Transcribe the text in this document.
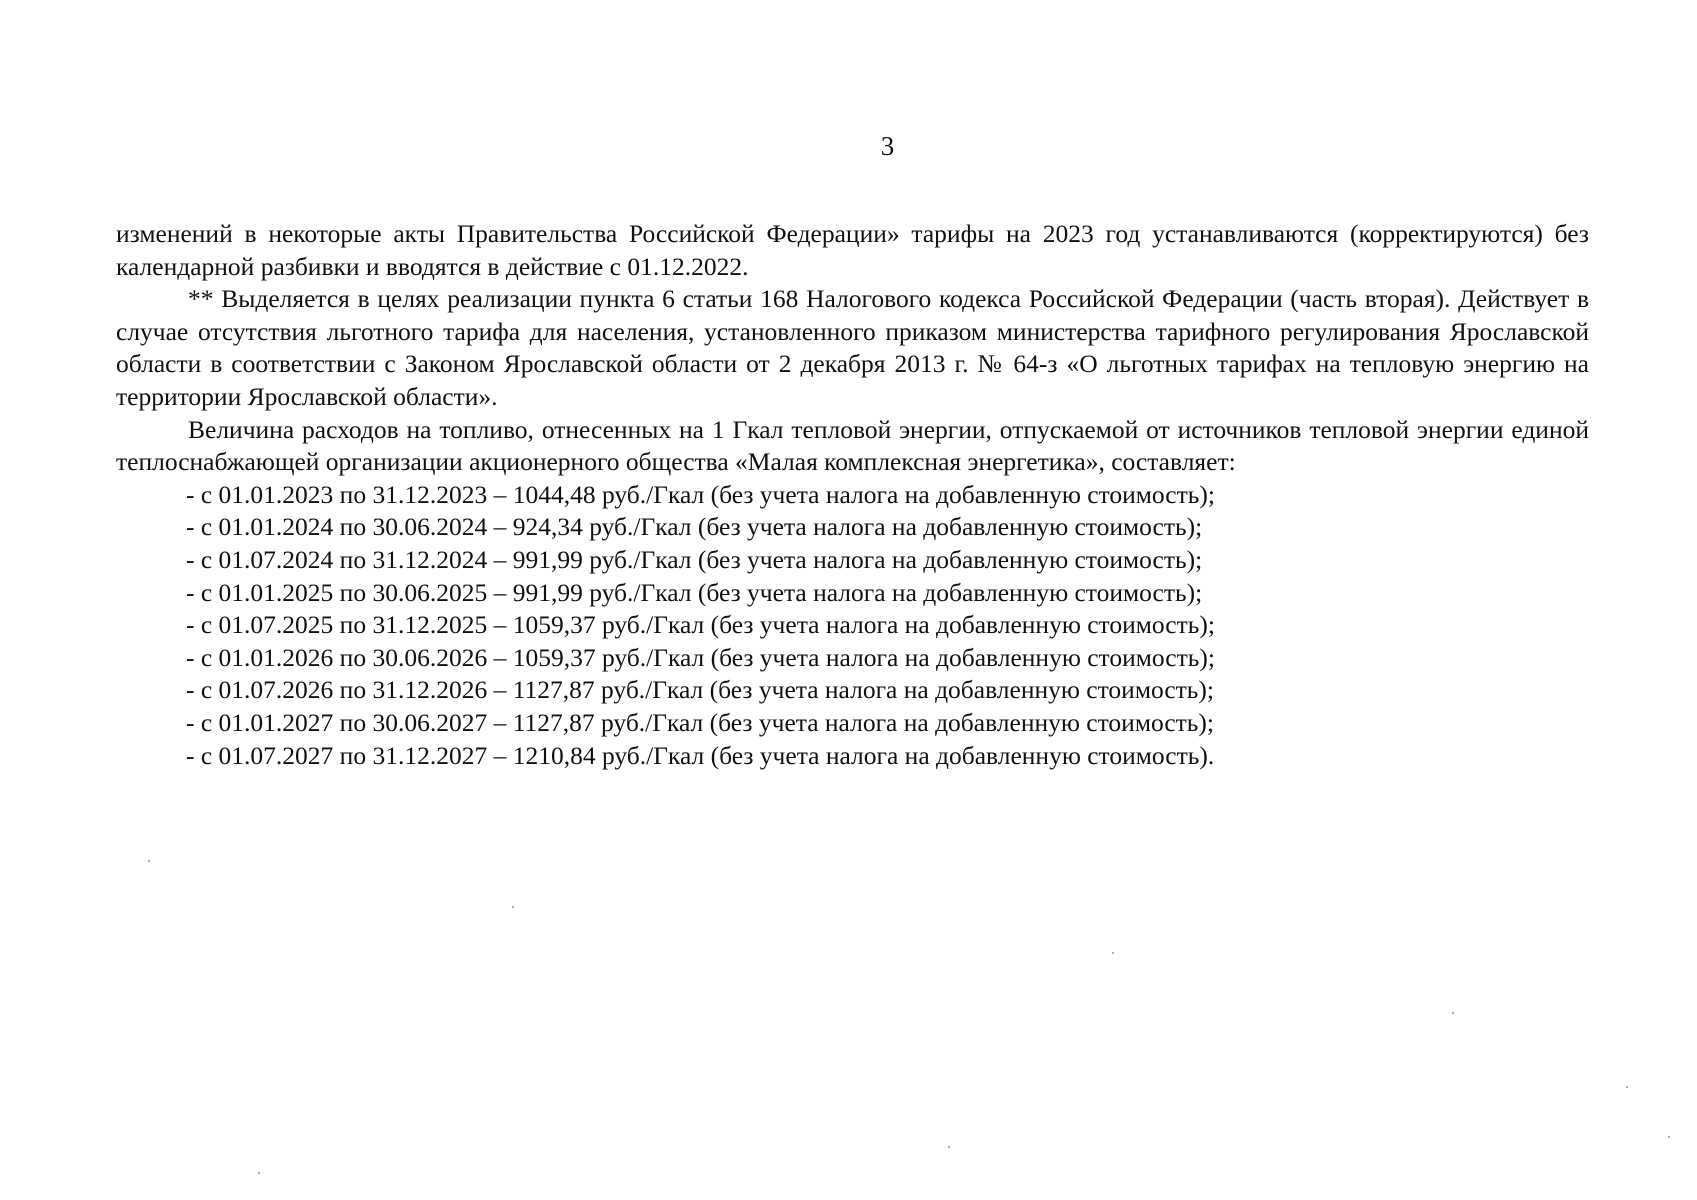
3

изменений в некоторые акты Правительства Российской Федерации» тарифы на 2023 год устанавливаются (корректируются) без календарной разбивки и вводятся в действие с 01.12.2022.

** Выделяется в целях реализации пункта 6 статьи 168 Налогового кодекса Российской Федерации (часть вторая). Действует в случае отсутствия льготного тарифа для населения, установленного приказом министерства тарифного регулирования Ярославской области в соответствии с Законом Ярославской области от 2 декабря 2013 г. № 64-з «О льготных тарифах на тепловую энергию на территории Ярославской области».

Величина расходов на топливо, отнесенных на 1 Гкал тепловой энергии, отпускаемой от источников тепловой энергии единой теплоснабжающей организации акционерного общества «Малая комплексная энергетика», составляет:

- с 01.01.2023 по 31.12.2023 – 1044,48 руб./Гкал (без учета налога на добавленную стоимость);
- с 01.01.2024 по 30.06.2024 – 924,34 руб./Гкал (без учета налога на добавленную стоимость);
- с 01.07.2024 по 31.12.2024 – 991,99 руб./Гкал (без учета налога на добавленную стоимость);
- с 01.01.2025 по 30.06.2025 – 991,99 руб./Гкал (без учета налога на добавленную стоимость);
- с 01.07.2025 по 31.12.2025 – 1059,37 руб./Гкал (без учета налога на добавленную стоимость);
- с 01.01.2026 по 30.06.2026 – 1059,37 руб./Гкал (без учета налога на добавленную стоимость);
- с 01.07.2026 по 31.12.2026 – 1127,87 руб./Гкал (без учета налога на добавленную стоимость);
- с 01.01.2027 по 30.06.2027 – 1127,87 руб./Гкал (без учета налога на добавленную стоимость);
- с 01.07.2027 по 31.12.2027 – 1210,84 руб./Гкал (без учета налога на добавленную стоимость).
